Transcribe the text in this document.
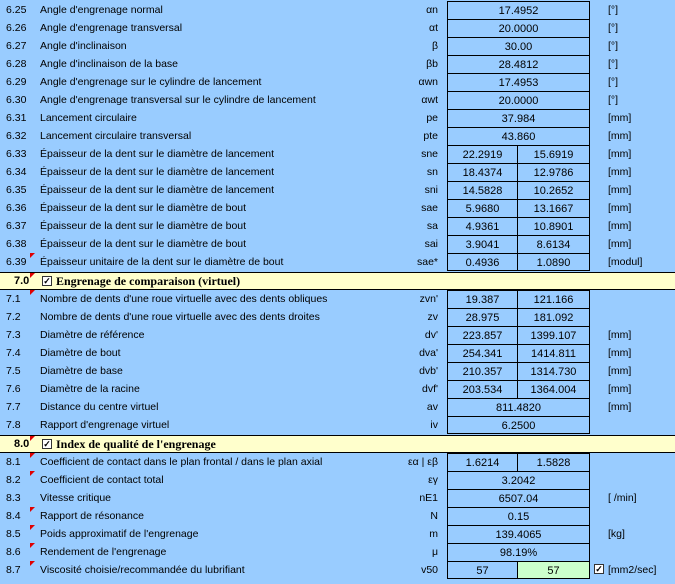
6.25	Angle d'engrenage normal	αn	17.4952	[°]
6.26	Angle d'engrenage transversal	αt	20.0000	[°]
6.27	Angle d'inclinaison	β	30.00	[°]
6.28	Angle d'inclinaison de la base	βb	28.4812	[°]
6.29	Angle d'engrenage sur le cylindre de lancement	αwn	17.4953	[°]
6.30	Angle d'engrenage transversal sur le cylindre de lancement	αwt	20.0000	[°]
6.31	Lancement circulaire	pe	37.984	[mm]
6.32	Lancement circulaire transversal	pte	43.860	[mm]
6.33	Épaisseur de la dent sur le diamètre de lancement	sne	22.2919	15.6919	[mm]
6.34	Épaisseur de la dent sur le diamètre de lancement	sn	18.4374	12.9786	[mm]
6.35	Épaisseur de la dent sur le diamètre de lancement	sni	14.5828	10.2652	[mm]
6.36	Épaisseur de la dent sur le diamètre de bout	sae	5.9680	13.1667	[mm]
6.37	Épaisseur de la dent sur le diamètre de bout	sa	4.9361	10.8901	[mm]
6.38	Épaisseur de la dent sur le diamètre de bout	sai	3.9041	8.6134	[mm]
6.39	Épaisseur unitaire de la dent sur le diamètre de bout	sae*	0.4936	1.0890	[modul]
7.0 ✓ Engrenage de comparaison (virtuel)
7.1	Nombre de dents d'une roue virtuelle avec des dents obliques	zvn'	19.387	121.166
7.2	Nombre de dents d'une roue virtuelle avec des dents droites	zv	28.975	181.092
7.3	Diamètre de référence	dv'	223.857	1399.107	[mm]
7.4	Diamètre de bout	dva'	254.341	1414.811	[mm]
7.5	Diamètre de base	dvb'	210.357	1314.730	[mm]
7.6	Diamètre de la racine	dvf'	203.534	1364.004	[mm]
7.7	Distance du centre virtuel	av	811.4820	[mm]
7.8	Rapport d'engrenage virtuel	iv	6.2500
8.0 ✓ Index de qualité de l'engrenage
8.1	Coefficient de contact dans le plan frontal / dans le plan axial	εα | εβ	1.6214	1.5828
8.2	Coefficient de contact total	εγ	3.2042
8.3	Vitesse critique	nE1	6507.04	[ /min]
8.4	Rapport de résonance	N	0.15
8.5	Poids approximatif de l'engrenage	m	139.4065	[kg]
8.6	Rendement de l'engrenage	μ	98.19%
8.7	Viscosité choisie/recommandée du lubrifiant	v50	57	57	✓ [mm2/sec]
